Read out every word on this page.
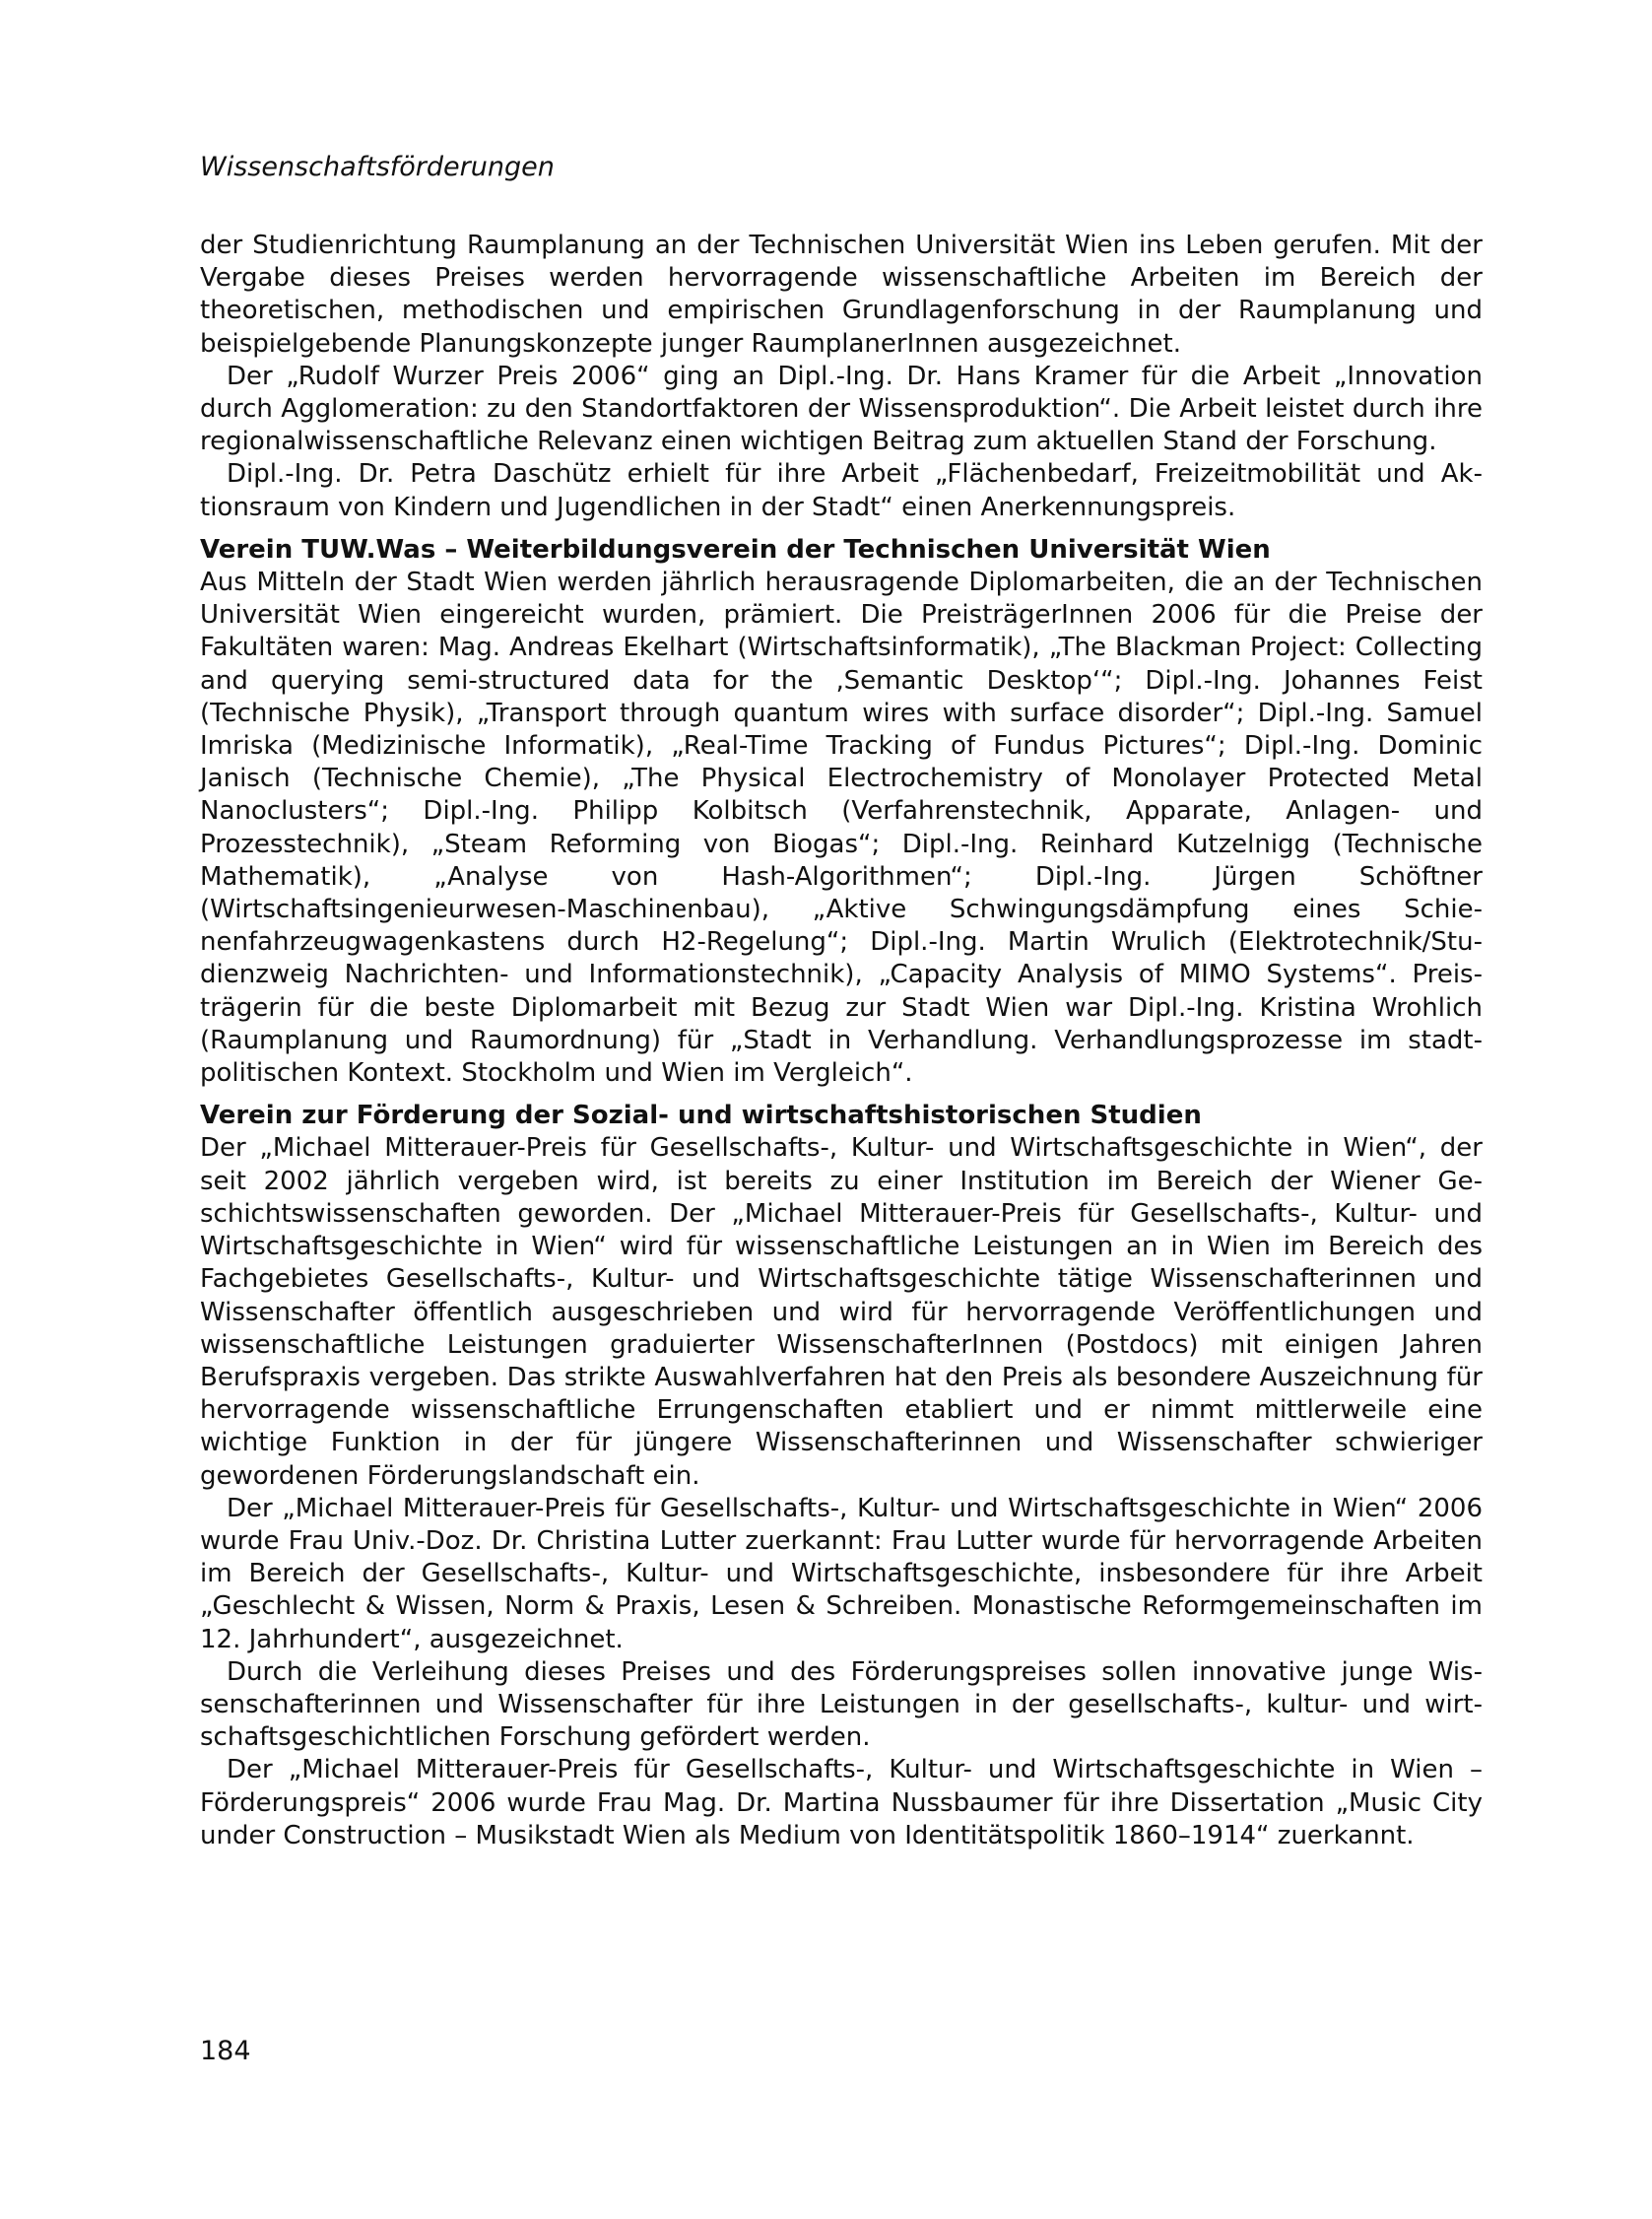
Wissenschaftsförderungen

der Studienrichtung Raumplanung an der Technischen Universität Wien ins Leben gerufen. Mit der Vergabe dieses Preises werden hervorragende wissenschaftliche Arbeiten im Bereich der theoretischen, methodischen und empirischen Grundlagenforschung in der Raumplanung und beispielgebende Planungskonzepte junger RaumplanerInnen ausgezeichnet.

Der „Rudolf Wurzer Preis 2006“ ging an Dipl.-Ing. Dr. Hans Kramer für die Arbeit „Innovation durch Agglomeration: zu den Standortfaktoren der Wissensproduktion“. Die Arbeit leistet durch ihre regionalwissenschaftliche Relevanz einen wichtigen Beitrag zum aktuellen Stand der Forschung.

Dipl.-Ing. Dr. Petra Daschütz erhielt für ihre Arbeit „Flächenbedarf, Freizeitmobilität und Aktionsraum von Kindern und Jugendlichen in der Stadt“ einen Anerkennungspreis.

Verein TUW.Was – Weiterbildungsverein der Technischen Universität Wien

Aus Mitteln der Stadt Wien werden jährlich herausragende Diplomarbeiten, die an der Technischen Universität Wien eingereicht wurden, prämiert. Die PreisträgerInnen 2006 für die Preise der Fakultäten waren: Mag. Andreas Ekelhart (Wirtschaftsinformatik), „The Blackman Project: Collecting and querying semi-structured data for the ‚Semantic Desktop‘“; Dipl.-Ing. Johannes Feist (Technische Physik), „Transport through quantum wires with surface disorder“; Dipl.-Ing. Samuel Imriska (Medizinische Informatik), „Real-Time Tracking of Fundus Pictures“; Dipl.-Ing. Dominic Janisch (Technische Chemie), „The Physical Electrochemistry of Monolayer Protected Metal Nanoclusters“; Dipl.-Ing. Philipp Kolbitsch (Verfahrenstechnik, Apparate, Anlagen- und Prozesstechnik), „Steam Reforming von Biogas“; Dipl.-Ing. Reinhard Kutzelnigg (Technische Mathematik), „Analyse von Hash-Algorithmen“; Dipl.-Ing. Jürgen Schöftner (Wirtschaftsingenieurwesen-Maschinenbau), „Aktive Schwingungsdämpfung eines Schienenfahrzeugwagenkastens durch H2-Regelung“; Dipl.-Ing. Martin Wrulich (Elektrotechnik/Studienzweig Nachrichten- und Informationstechnik), „Capacity Analysis of MIMO Systems“. Preisträgerin für die beste Diplomarbeit mit Bezug zur Stadt Wien war Dipl.-Ing. Kristina Wrohlich (Raumplanung und Raumordnung) für „Stadt in Verhandlung. Verhandlungsprozesse im stadtpolitischen Kontext. Stockholm und Wien im Vergleich“.

Verein zur Förderung der Sozial- und wirtschaftshistorischen Studien

Der „Michael Mitterauer-Preis für Gesellschafts-, Kultur- und Wirtschaftsgeschichte in Wien“, der seit 2002 jährlich vergeben wird, ist bereits zu einer Institution im Bereich der Wiener Geschichtswissenschaften geworden. Der „Michael Mitterauer-Preis für Gesellschafts-, Kultur- und Wirtschaftsgeschichte in Wien“ wird für wissenschaftliche Leistungen an in Wien im Bereich des Fachgebietes Gesellschafts-, Kultur- und Wirtschaftsgeschichte tätige Wissenschafterinnen und Wissenschafter öffentlich ausgeschrieben und wird für hervorragende Veröffentlichungen und wissenschaftliche Leistungen graduierter WissenschafterInnen (Postdocs) mit einigen Jahren Berufspraxis vergeben. Das strikte Auswahlverfahren hat den Preis als besondere Auszeichnung für hervorragende wissenschaftliche Errungenschaften etabliert und er nimmt mittlerweile eine wichtige Funktion in der für jüngere Wissenschafterinnen und Wissenschafter schwieriger gewordenen Förderungslandschaft ein.

Der „Michael Mitterauer-Preis für Gesellschafts-, Kultur- und Wirtschaftsgeschichte in Wien“ 2006 wurde Frau Univ.-Doz. Dr. Christina Lutter zuerkannt: Frau Lutter wurde für hervorragende Arbeiten im Bereich der Gesellschafts-, Kultur- und Wirtschaftsgeschichte, insbesondere für ihre Arbeit „Geschlecht & Wissen, Norm & Praxis, Lesen & Schreiben. Monastische Reformgemeinschaften im 12. Jahrhundert“, ausgezeichnet.

Durch die Verleihung dieses Preises und des Förderungspreises sollen innovative junge Wissenschafterinnen und Wissenschafter für ihre Leistungen in der gesellschafts-, kultur- und wirtschaftsgeschichtlichen Forschung gefördert werden.

Der „Michael Mitterauer-Preis für Gesellschafts-, Kultur- und Wirtschaftsgeschichte in Wien – Förderungspreis“ 2006 wurde Frau Mag. Dr. Martina Nussbaumer für ihre Dissertation „Music City under Construction – Musikstadt Wien als Medium von Identitätspolitik 1860–1914“ zuerkannt.

184
